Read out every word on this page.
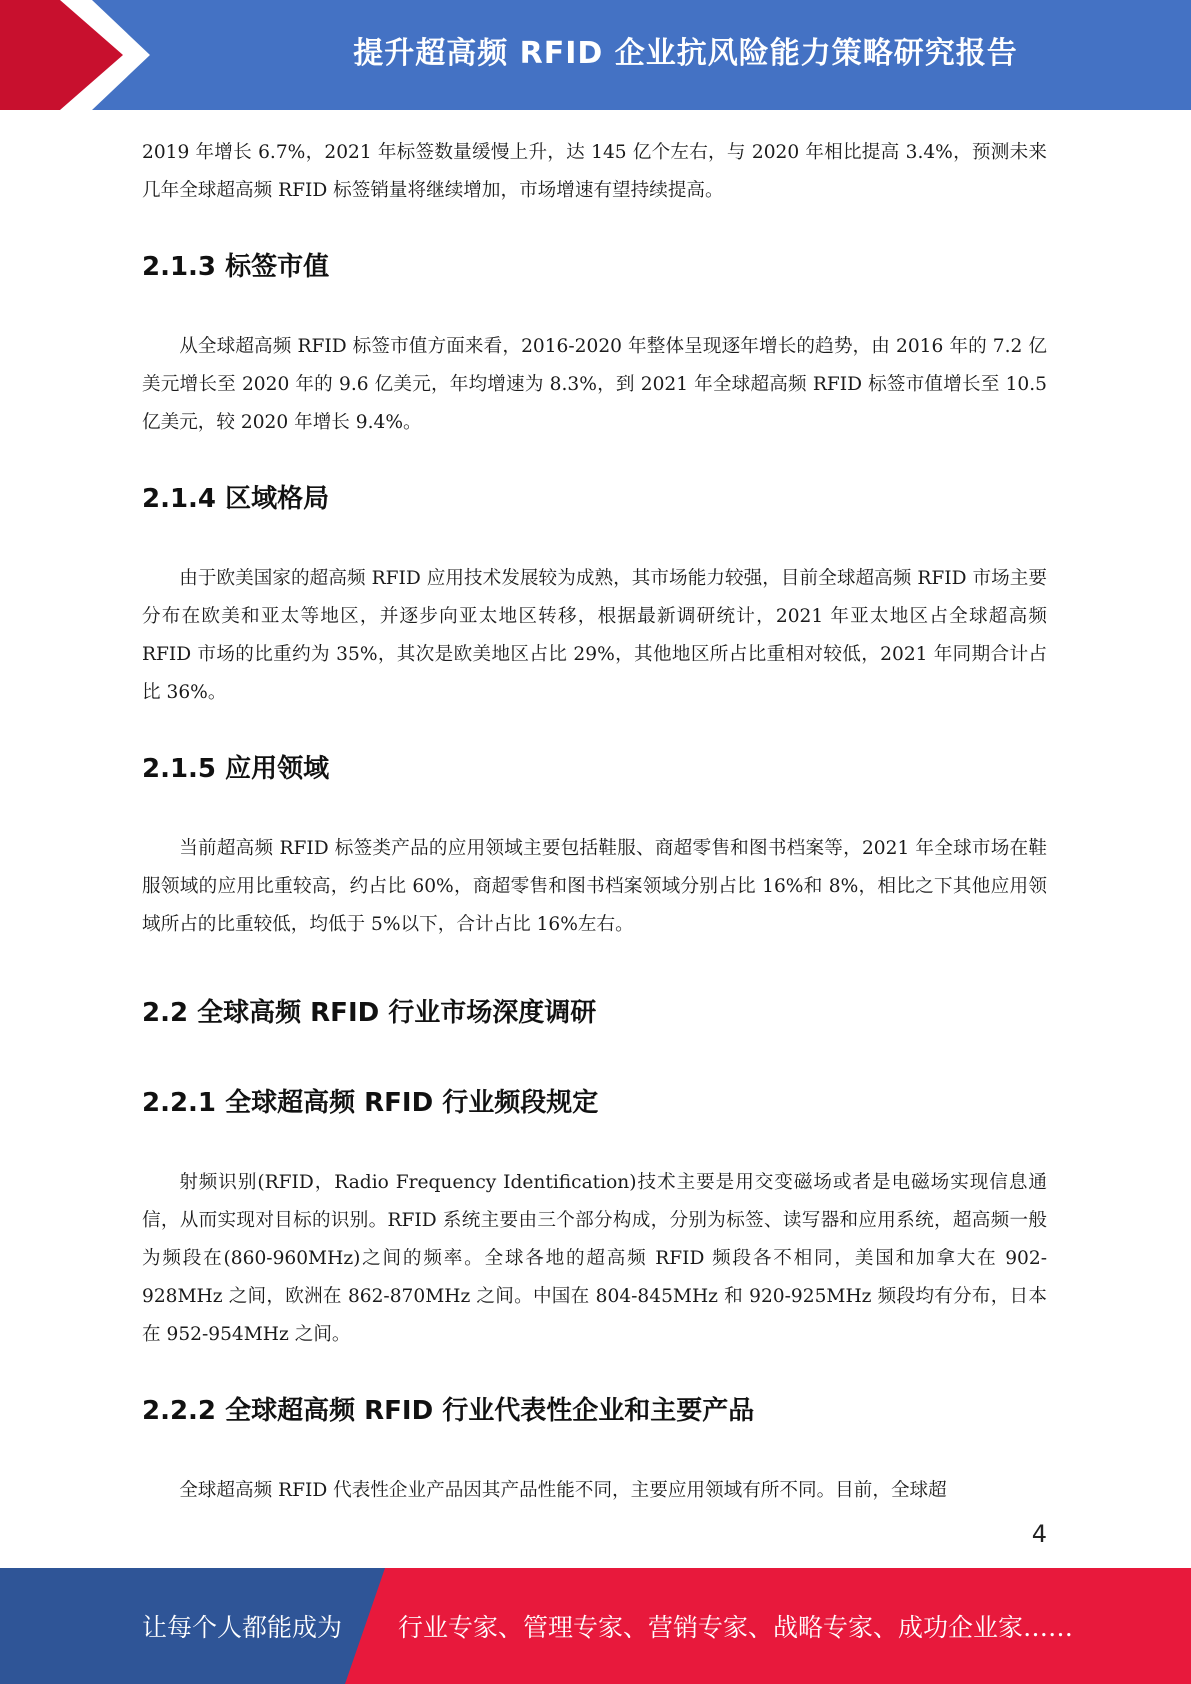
提升超高频 RFID 企业抗风险能力策略研究报告

2019 年增长 6.7%，2021 年标签数量缓慢上升，达 145 亿个左右，与 2020 年相比提高 3.4%，预测未来几年全球超高频 RFID 标签销量将继续增加，市场增速有望持续提高。

2.1.3 标签市值

从全球超高频 RFID 标签市值方面来看，2016-2020 年整体呈现逐年增长的趋势，由 2016 年的 7.2 亿美元增长至 2020 年的 9.6 亿美元，年均增速为 8.3%，到 2021 年全球超高频 RFID 标签市值增长至 10.5 亿美元，较 2020 年增长 9.4%。

2.1.4 区域格局

由于欧美国家的超高频 RFID 应用技术发展较为成熟，其市场能力较强，目前全球超高频 RFID 市场主要分布在欧美和亚太等地区，并逐步向亚太地区转移，根据最新调研统计，2021 年亚太地区占全球超高频 RFID 市场的比重约为 35%，其次是欧美地区占比 29%，其他地区所占比重相对较低，2021 年同期合计占比 36%。

2.1.5 应用领域

当前超高频 RFID 标签类产品的应用领域主要包括鞋服、商超零售和图书档案等，2021 年全球市场在鞋服领域的应用比重较高，约占比 60%，商超零售和图书档案领域分别占比 16%和 8%，相比之下其他应用领域所占的比重较低，均低于 5%以下，合计占比 16%左右。

2.2 全球高频 RFID 行业市场深度调研
2.2.1 全球超高频 RFID 行业频段规定

射频识别(RFID，Radio Frequency Identification)技术主要是用交变磁场或者是电磁场实现信息通信，从而实现对目标的识别。RFID 系统主要由三个部分构成，分别为标签、读写器和应用系统，超高频一般为频段在(860-960MHz)之间的频率。全球各地的超高频 RFID 频段各不相同，美国和加拿大在 902-928MHz 之间，欧洲在 862-870MHz 之间。中国在 804-845MHz 和 920-925MHz 频段均有分布，日本在 952-954MHz 之间。

2.2.2 全球超高频 RFID 行业代表性企业和主要产品

全球超高频 RFID 代表性企业产品因其产品性能不同，主要应用领域有所不同。目前，全球超

4
让每个人都能成为 行业专家、管理专家、营销专家、战略专家、成功企业家……
